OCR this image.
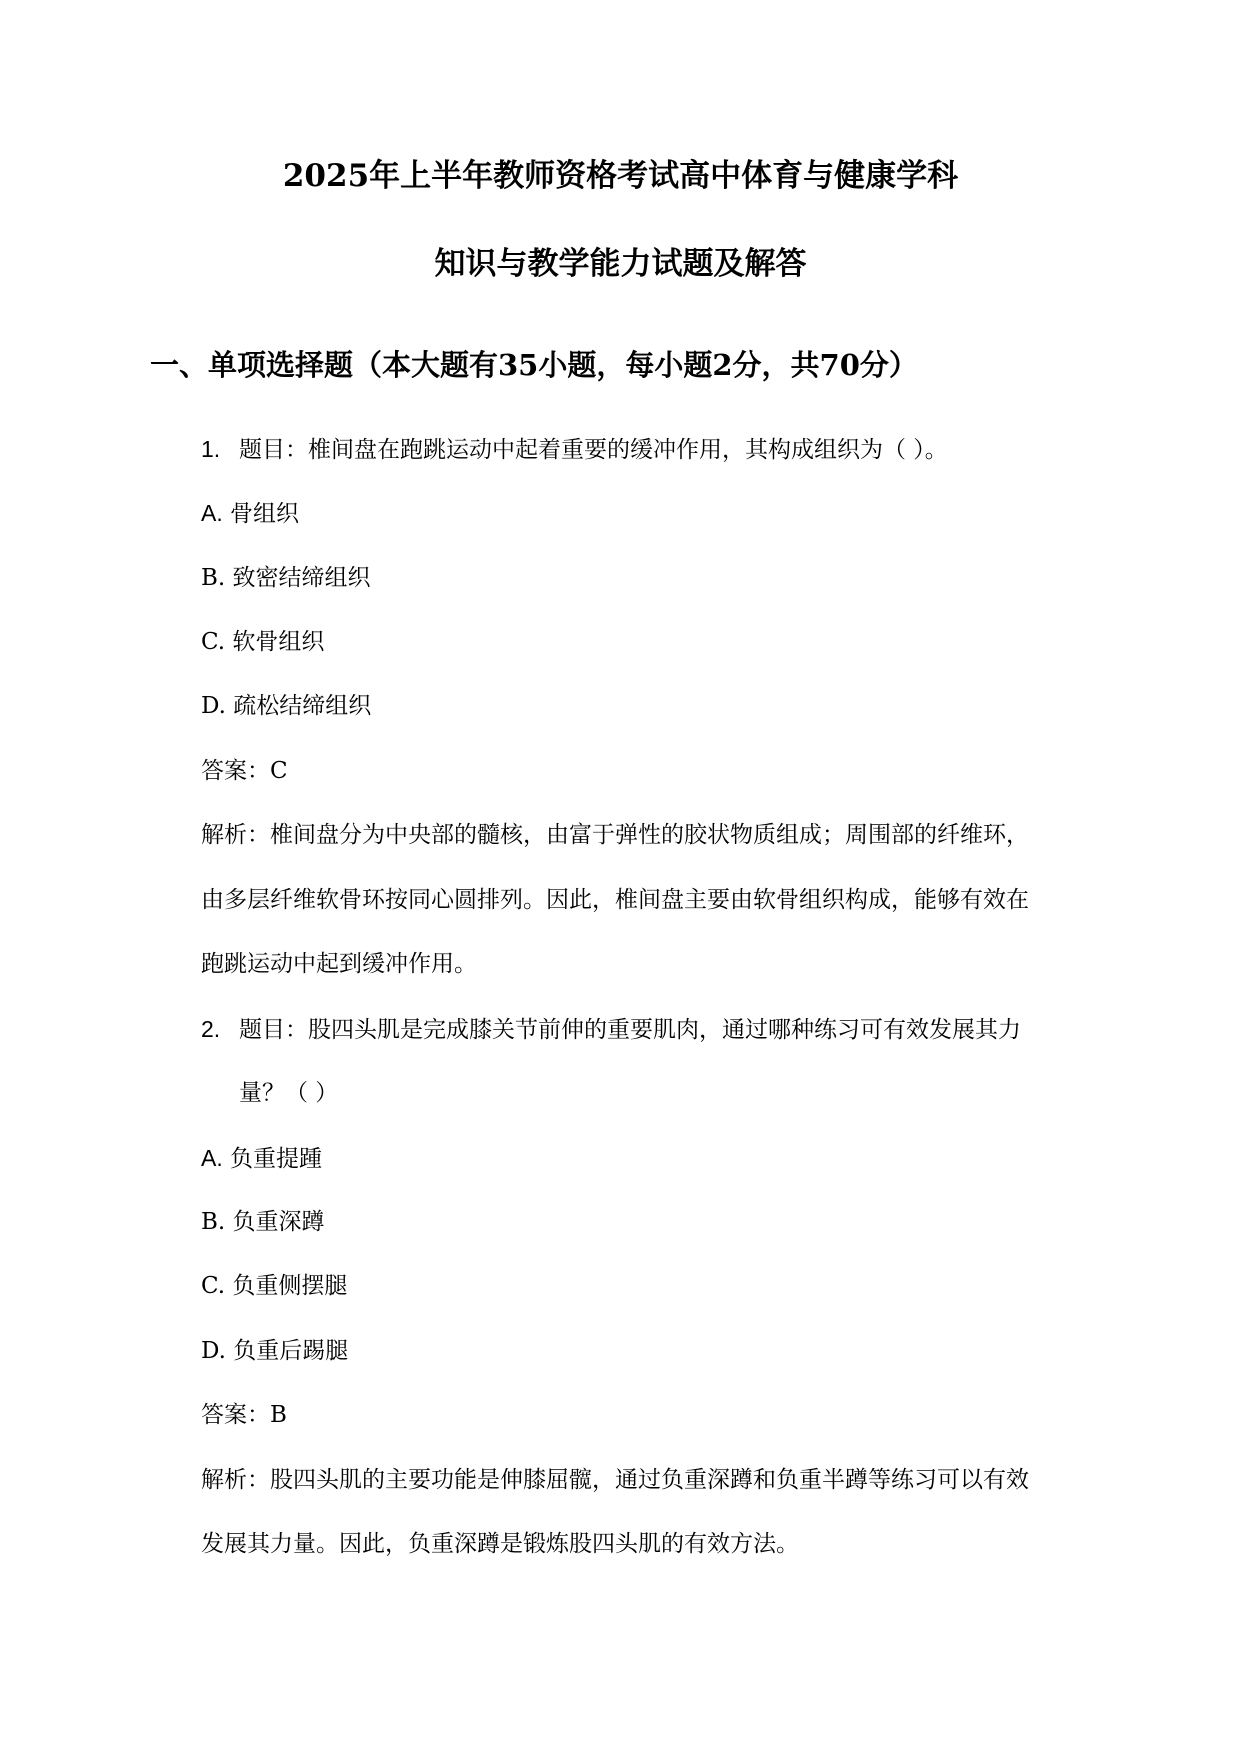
2025年上半年教师资格考试高中体育与健康学科
知识与教学能力试题及解答
一、单项选择题（本大题有35小题，每小题2分，共70分）
1. 题目：椎间盘在跑跳运动中起着重要的缓冲作用，其构成组织为（ ）。
A. 骨组织
B. 致密结缔组织
C. 软骨组织
D. 疏松结缔组织
答案：C
解析：椎间盘分为中央部的髓核，由富于弹性的胶状物质组成；周围部的纤维环，
由多层纤维软骨环按同心圆排列。因此，椎间盘主要由软骨组织构成，能够有效在
跑跳运动中起到缓冲作用。
2. 题目：股四头肌是完成膝关节前伸的重要肌肉，通过哪种练习可有效发展其力
量？（ ）
A. 负重提踵
B. 负重深蹲
C. 负重侧摆腿
D. 负重后踢腿
答案：B
解析：股四头肌的主要功能是伸膝屈髋，通过负重深蹲和负重半蹲等练习可以有效
发展其力量。因此，负重深蹲是锻炼股四头肌的有效方法。
